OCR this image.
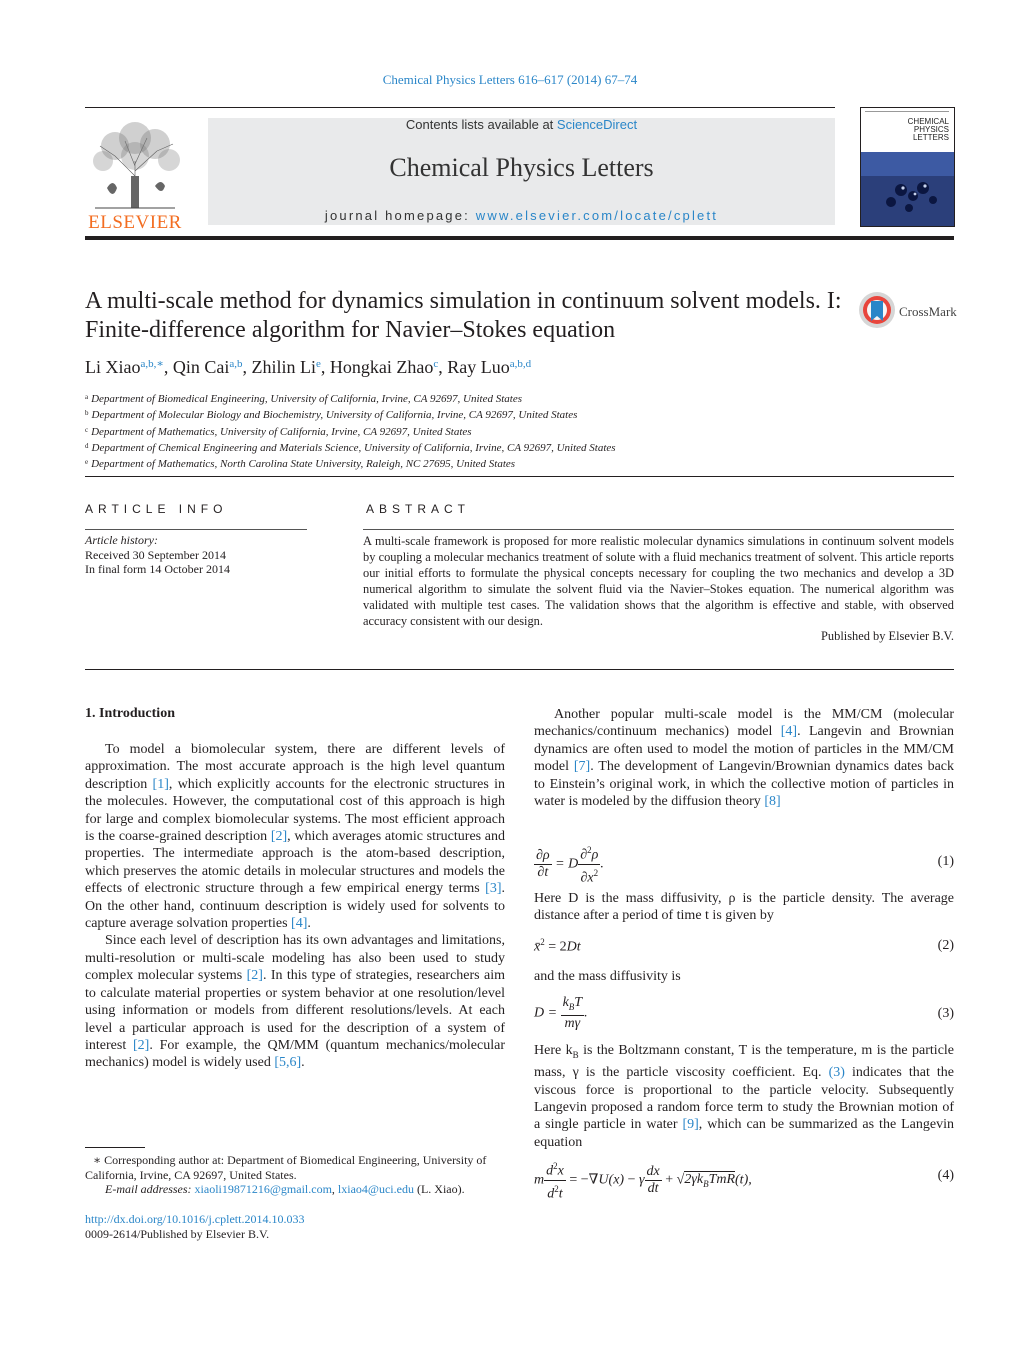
Chemical Physics Letters 616–617 (2014) 67–74
ELSEVIER
Contents lists available at ScienceDirect
Chemical Physics Letters
journal homepage: www.elsevier.com/locate/cplett
CHEMICAL
PHYSICS
LETTERS
A multi-scale method for dynamics simulation in continuum solvent models. I: Finite-difference algorithm for Navier–Stokes equation
CrossMark
Li Xiao$^{a,b,∗}$, Qin Cai$^{a,b}$, Zhilin Li$^e$, Hongkai Zhao$^c$, Ray Luo$^{a,b,d}$
$^a$ Department of Biomedical Engineering, University of California, Irvine, CA 92697, United States
$^b$ Department of Molecular Biology and Biochemistry, University of California, Irvine, CA 92697, United States
$^c$ Department of Mathematics, University of California, Irvine, CA 92697, United States
$^d$ Department of Chemical Engineering and Materials Science, University of California, Irvine, CA 92697, United States
$^e$ Department of Mathematics, North Carolina State University, Raleigh, NC 27695, United States
ARTICLE INFO
Article history:
Received 30 September 2014
In final form 14 October 2014
ABSTRACT
A multi-scale framework is proposed for more realistic molecular dynamics simulations in continuum solvent models by coupling a molecular mechanics treatment of solute with a fluid mechanics treatment of solvent. This article reports our initial efforts to formulate the physical concepts necessary for coupling the two mechanics and develop a 3D numerical algorithm to simulate the solvent fluid via the Navier–Stokes equation. The numerical algorithm was validated with multiple test cases. The validation shows that the algorithm is effective and stable, with observed accuracy consistent with our design.
Published by Elsevier B.V.
1. Introduction

To model a biomolecular system, there are different levels of approximation. The most accurate approach is the high level quantum description [1], which explicitly accounts for the electronic structures in the molecules. However, the computational cost of this approach is high for large and complex biomolecular systems. The most efficient approach is the coarse-grained description [2], which averages atomic structures and properties. The intermediate approach is the atom-based description, which preserves the atomic details in molecular structures and models the effects of electronic structure through a few empirical energy terms [3]. On the other hand, continuum description is widely used for solvents to capture average solvation properties [4].

Since each level of description has its own advantages and limitations, multi-resolution or multi-scale modeling has also been used to study complex molecular systems [2]. In this type of strategies, researchers aim to calculate material properties or system behavior at one resolution/level using information or models from different resolutions/levels. At each level a particular approach is used for the description of a system of interest [2]. For example, the QM/MM (quantum mechanics/molecular mechanics) model is widely used [5,6].

Another popular multi-scale model is the MM/CM (molecular mechanics/continuum mechanics) model [4]. Langevin and Brownian dynamics are often used to model the motion of particles in the MM/CM model [7]. The development of Langevin/Brownian dynamics dates back to Einstein’s original work, in which the collective motion of particles in water is modeled by the diffusion theory [8]

$\frac{\partial\rho}{\partial t} = D \frac{\partial^2\rho}{\partial x^2}$ .	(1)

Here D is the mass diffusivity, ρ is the particle density. The average distance after a period of time t is given by

x̄$^2$ = 2Dt	(2)

and the mass diffusivity is

$D = \frac{k_BT}{m\gamma}$ .	(3)

Here $k_B$ is the Boltzmann constant, T is the temperature, m is the particle mass, γ is the particle viscosity coefficient. Eq. (3) indicates that the viscous force is proportional to the particle velocity. Subsequently Langevin proposed a random force term to study the Brownian motion of a single particle in water [9], which can be summarized as the Langevin equation

m $\frac{d^2x}{d^2t} = -\nabla U(x) - \gamma \frac{dx}{dt} + √2\gamma k_BTmR(t)$,	(4)
∗ Corresponding author at: Department of Biomedical Engineering, University of California, Irvine, CA 92697, United States.
E-mail addresses: xiaoli19871216@gmail.com, lxiao4@uci.edu (L. Xiao).
http://dx.doi.org/10.1016/j.cplett.2014.10.033
0009-2614/Published by Elsevier B.V.
